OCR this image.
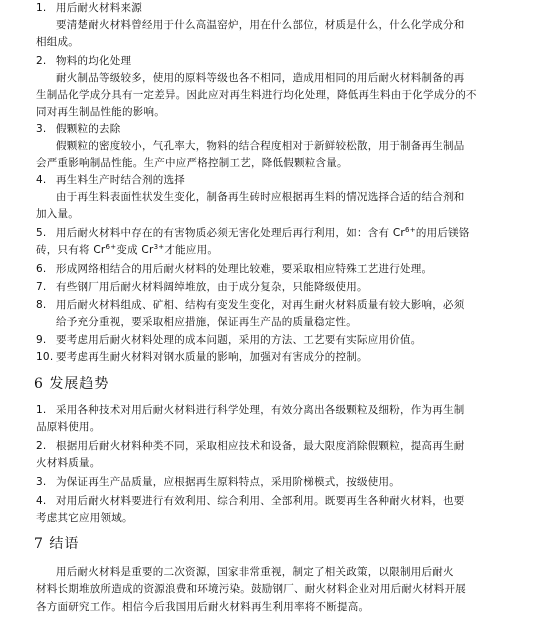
1. 用后耐火材料来源
要清楚耐火材料曾经用于什么高温窑炉，用在什么部位，材质是什么，什么化学成分和
相组成。
2. 物料的均化处理
耐火制品等级较多，使用的原料等级也各不相同，造成用相同的用后耐火材料制备的再
生制品化学成分具有一定差异。因此应对再生料进行均化处理，降低再生料由于化学成分的不
同对再生制品性能的影响。
3. 假颗粒的去除
假颗粒的密度较小，气孔率大，物料的结合程度相对于新鲜较松散，用于制备再生制品
会严重影响制品性能。生产中应严格控制工艺，降低假颗粒含量。
4. 再生料生产时结合剂的选择
由于再生料表面性状发生变化，制备再生砖时应根据再生料的情况选择合适的结合剂和
加入量。
5. 用后耐火材料中存在的有害物质必须无害化处理后再行利用，如：含有 $Cr^{6+}$的用后镁铬
砖，只有将 $Cr^{6+}$变成 $Cr^{3+}$才能应用。
6. 形成网络相结合的用后耐火材料的处理比较难，要采取相应特殊工艺进行处理。
7. 有些钢厂用后耐火材料阔绰堆放，由于成分复杂，只能降级使用。
8. 用后耐火材料组成、矿相、结构有变发生变化，对再生耐火材料质量有较大影响，必须
给予充分重视，要采取相应措施，保证再生产品的质量稳定性。
9. 要考虑用后耐火材料处理的成本问题，采用的方法、工艺要有实际应用价值。
10. 要考虑再生耐火材料对钢水质量的影响，加强对有害成分的控制。
6 发展趋势
1. 采用各种技术对用后耐火材料进行科学处理，有效分离出各级颗粒及细粉，作为再生制
品原料使用。
2. 根据用后耐火材料种类不同，采取相应技术和设备，最大限度消除假颗粒，提高再生耐
火材料质量。
3. 为保证再生产品质量，应根据再生原料特点，采用阶梯模式，按级使用。
4. 对用后耐火材料要进行有效利用、综合利用、全部利用。既要再生各种耐火材料，也要
考虑其它应用领域。
7 结语
用后耐火材料是重要的二次资源，国家非常重视，制定了相关政策，以限制用后耐火
材料长期堆放所造成的资源浪费和环境污染。鼓励钢厂、耐火材料企业对用后耐火材料开展
各方面研究工作。相信今后我国用后耐火材料再生利用率将不断提高。
